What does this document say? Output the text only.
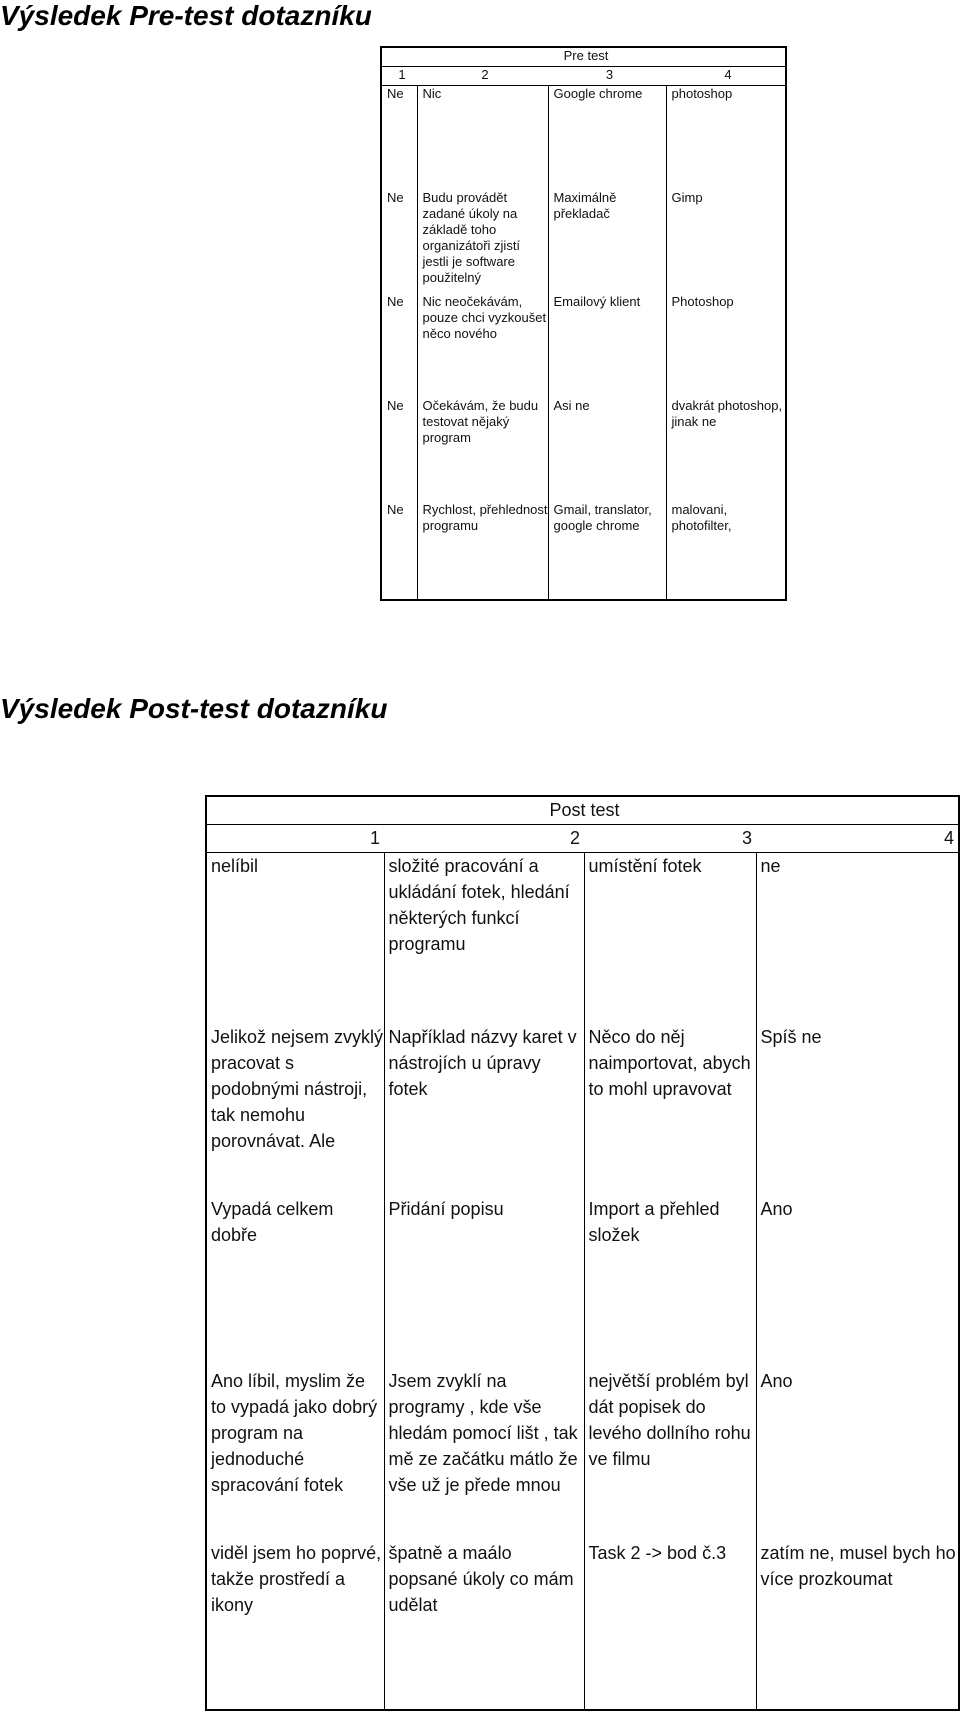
Výsledek Pre-test dotazníku
Pre test			
1	2	3	4
Ne	Nic	Google chrome	photoshop
Ne	Budu provádět zadané úkoly na základě toho organizátoři zjistí jestli je software použitelný	Maximálně překladač	Gimp
Ne	Nic neočekávám, pouze chci vyzkoušet něco nového	Emailový klient	Photoshop
Ne	Očekávám, že budu testovat nějaký program	Asi ne	dvakrát photoshop, jinak ne
Ne	Rychlost, přehlednost programu	Gmail, translator, google chrome	malovani, photofilter,
Výsledek Post-test dotazníku
Post test			
1	2	3	4
nelíbil	složité pracování a ukládání fotek, hledání některých funkcí programu	umístění fotek	ne

Jelikož nejsem zvyklý pracovat s podobnými nástroji, tak nemohu porovnávat. Ale	Například názvy karet v nástrojích u úpravy fotek	Něco do něj naimportovat, abych to mohl upravovat	Spíš ne
Vypadá celkem dobře	Přidání popisu	Import a přehled složek	Ano
Ano líbil, myslim že to vypadá jako dobrý program na jednoduché spracování fotek	Jsem zvyklí na programy , kde vše hledám pomocí lišt , tak mě ze začátku mátlo že vše už je přede mnou	největší problém byl dát popisek do levého dollního rohu ve filmu	Ano
viděl jsem ho poprvé, takže prostředí a ikony	špatně a maálo popsané úkoly co mám udělat	Task 2 -> bod č.3	zatím ne, musel bych ho více prozkoumat
